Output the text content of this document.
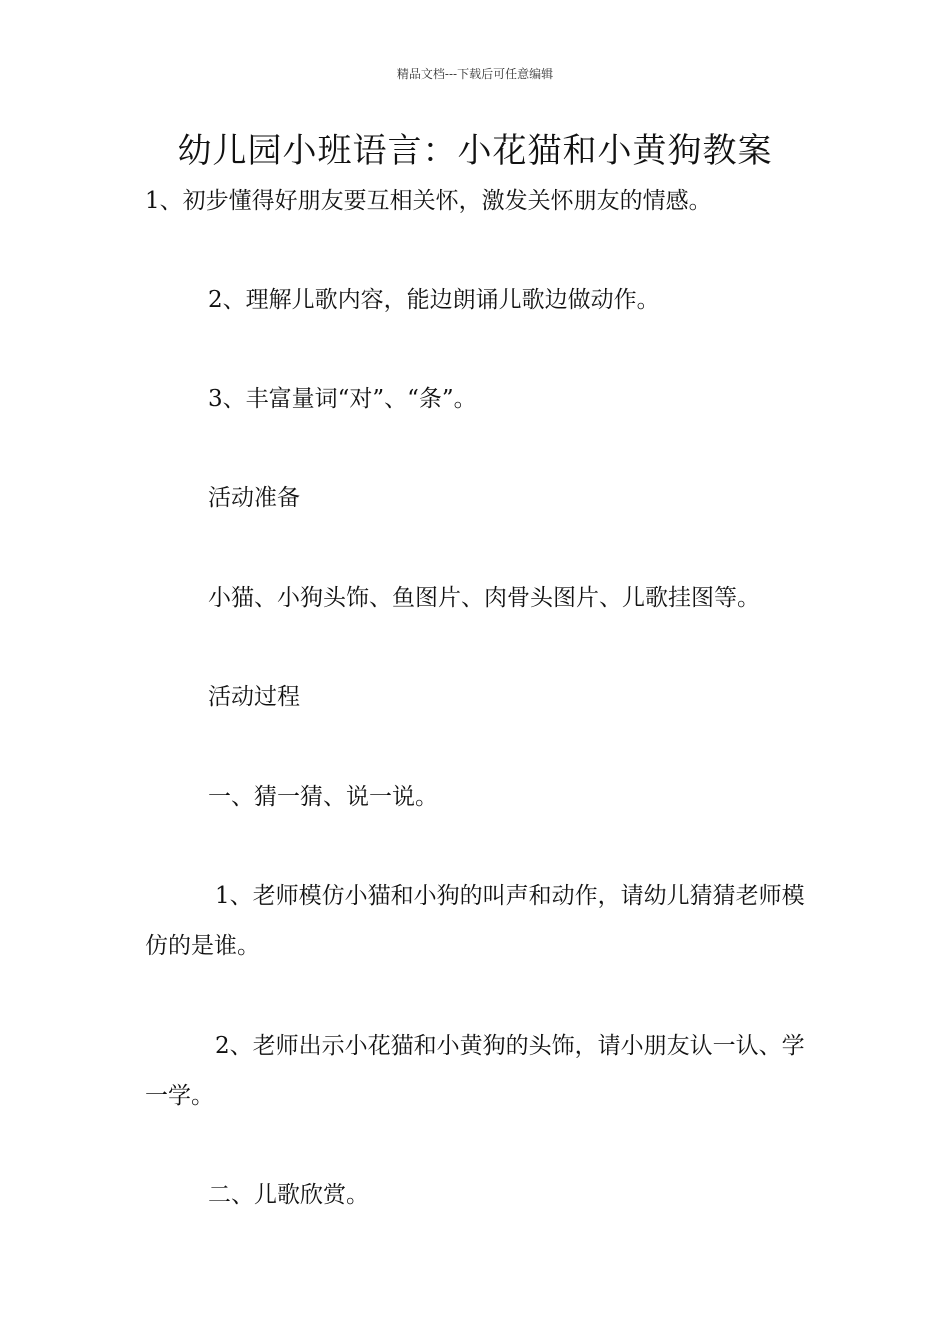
精品文档---下载后可任意编辑
幼儿园小班语言：小花猫和小黄狗教案

1、初步懂得好朋友要互相关怀，激发关怀朋友的情感。

2、理解儿歌内容，能边朗诵儿歌边做动作。

3、丰富量词“对”、“条”。

活动准备

小猫、小狗头饰、鱼图片、肉骨头图片、儿歌挂图等。

活动过程

一、猜一猜、说一说。

1、老师模仿小猫和小狗的叫声和动作，请幼儿猜猜老师模仿的是谁。

2、老师出示小花猫和小黄狗的头饰，请小朋友认一认、学一学。

二、儿歌欣赏。
